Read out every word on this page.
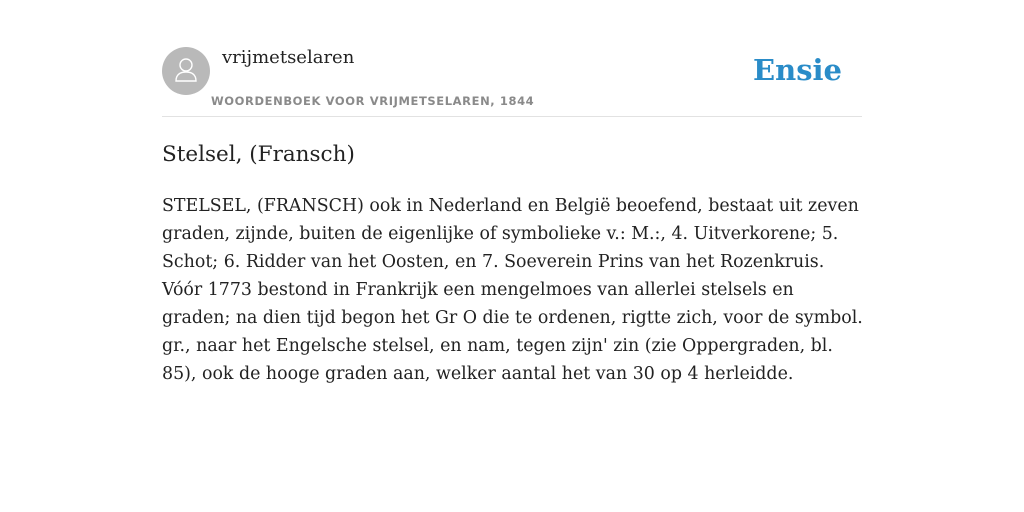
vrijmetselaren
WOORDENBOEK VOOR VRIJMETSELAREN, 1844
Ensie
Stelsel, (Fransch)

STELSEL, (FRANSCH) ook in Nederland en België beoefend, bestaat uit zeven graden, zijnde, buiten de eigenlijke of symbolieke v.: M.:, 4. Uitverkorene; 5. Schot; 6. Ridder van het Oosten, en 7. Soeverein Prins van het Rozenkruis. Vóór 1773 bestond in Frankrijk een mengelmoes van allerlei stelsels en graden; na dien tijd begon het Gr O die te ordenen, rigtte zich, voor de symbol. gr., naar het Engelsche stelsel, en nam, tegen zijn' zin (zie Oppergraden, bl. 85), ook de hooge graden aan, welker aantal het van 30 op 4 herleidde.
